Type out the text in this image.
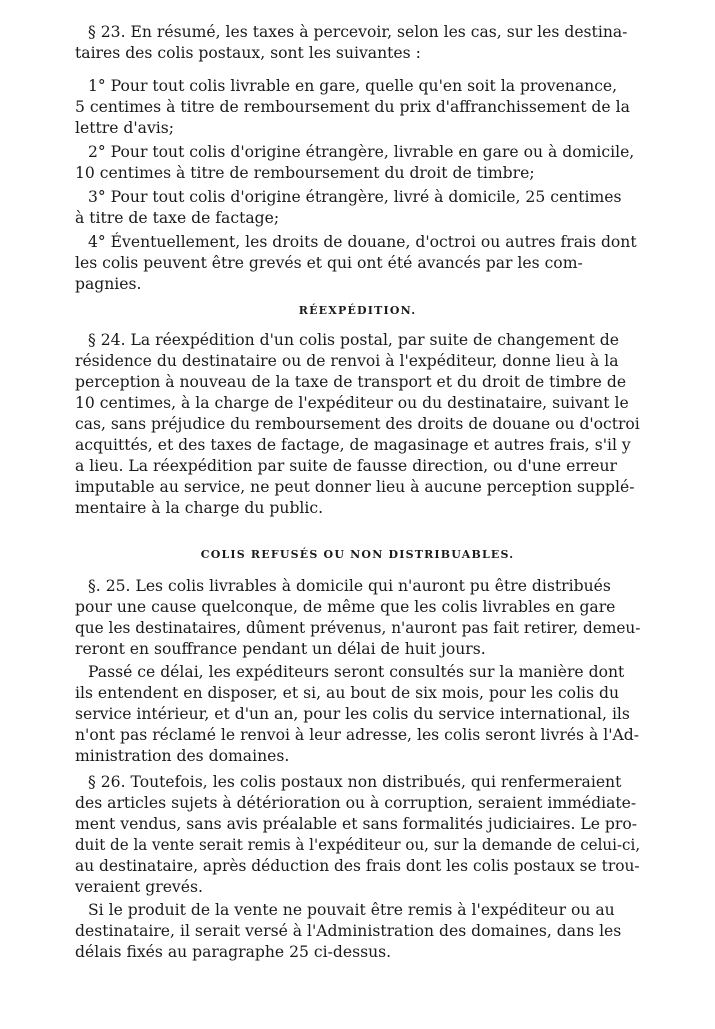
§ 23. En résumé, les taxes à percevoir, selon les cas, sur les destina-
taires des colis postaux, sont les suivantes :
1° Pour tout colis livrable en gare, quelle qu'en soit la provenance,
5 centimes à titre de remboursement du prix d'affranchissement de la
lettre d'avis;
2° Pour tout colis d'origine étrangère, livrable en gare ou à domicile,
10 centimes à titre de remboursement du droit de timbre;
3° Pour tout colis d'origine étrangère, livré à domicile, 25 centimes
à titre de taxe de factage;
4° Éventuellement, les droits de douane, d'octroi ou autres frais dont
les colis peuvent être grevés et qui ont été avancés par les com-
pagnies.
RÉEXPÉDITION.
§ 24. La réexpédition d'un colis postal, par suite de changement de
résidence du destinataire ou de renvoi à l'expéditeur, donne lieu à la
perception à nouveau de la taxe de transport et du droit de timbre de
10 centimes, à la charge de l'expéditeur ou du destinataire, suivant le
cas, sans préjudice du remboursement des droits de douane ou d'octroi
acquittés, et des taxes de factage, de magasinage et autres frais, s'il y
a lieu. La réexpédition par suite de fausse direction, ou d'une erreur
imputable au service, ne peut donner lieu à aucune perception supplé-
mentaire à la charge du public.
COLIS REFUSÉS OU NON DISTRIBUABLES.
§. 25. Les colis livrables à domicile qui n'auront pu être distribués
pour une cause quelconque, de même que les colis livrables en gare
que les destinataires, dûment prévenus, n'auront pas fait retirer, demeu-
reront en souffrance pendant un délai de huit jours.
Passé ce délai, les expéditeurs seront consultés sur la manière dont
ils entendent en disposer, et si, au bout de six mois, pour les colis du
service intérieur, et d'un an, pour les colis du service international, ils
n'ont pas réclamé le renvoi à leur adresse, les colis seront livrés à l'Ad-
ministration des domaines.
§ 26. Toutefois, les colis postaux non distribués, qui renfermeraient
des articles sujets à détérioration ou à corruption, seraient immédiate-
ment vendus, sans avis préalable et sans formalités judiciaires. Le pro-
duit de la vente serait remis à l'expéditeur ou, sur la demande de celui-ci,
au destinataire, après déduction des frais dont les colis postaux se trou-
veraient grevés.
Si le produit de la vente ne pouvait être remis à l'expéditeur ou au
destinataire, il serait versé à l'Administration des domaines, dans les
délais fixés au paragraphe 25 ci-dessus.
